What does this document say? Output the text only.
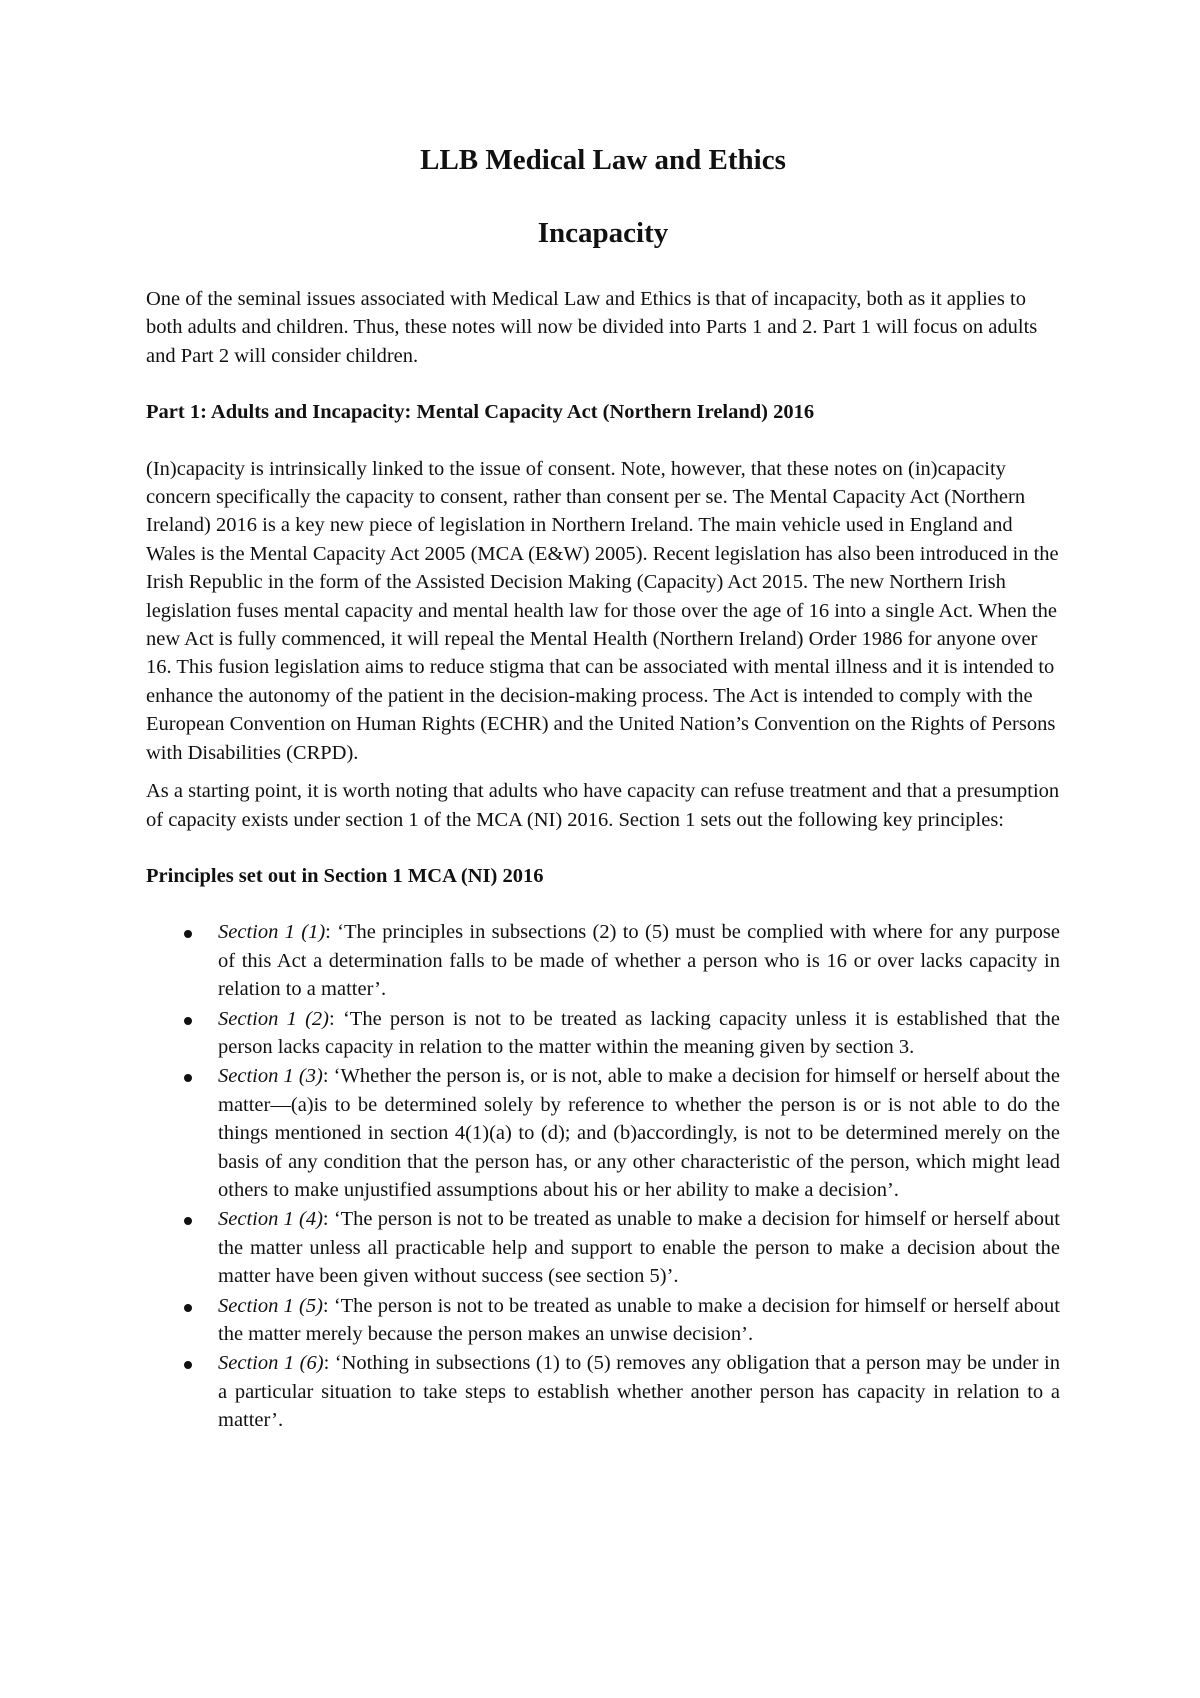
LLB Medical Law and Ethics
Incapacity

One of the seminal issues associated with Medical Law and Ethics is that of incapacity, both as it applies to both adults and children. Thus, these notes will now be divided into Parts 1 and 2. Part 1 will focus on adults and Part 2 will consider children.

Part 1: Adults and Incapacity: Mental Capacity Act (Northern Ireland) 2016

(In)capacity is intrinsically linked to the issue of consent. Note, however, that these notes on (in)capacity concern specifically the capacity to consent, rather than consent per se. The Mental Capacity Act (Northern Ireland) 2016 is a key new piece of legislation in Northern Ireland. The main vehicle used in England and Wales is the Mental Capacity Act 2005 (MCA (E&W) 2005). Recent legislation has also been introduced in the Irish Republic in the form of the Assisted Decision Making (Capacity) Act 2015. The new Northern Irish legislation fuses mental capacity and mental health law for those over the age of 16 into a single Act. When the new Act is fully commenced, it will repeal the Mental Health (Northern Ireland) Order 1986 for anyone over 16. This fusion legislation aims to reduce stigma that can be associated with mental illness and it is intended to enhance the autonomy of the patient in the decision-making process. The Act is intended to comply with the European Convention on Human Rights (ECHR) and the United Nation’s Convention on the Rights of Persons with Disabilities (CRPD).

As a starting point, it is worth noting that adults who have capacity can refuse treatment and that a presumption of capacity exists under section 1 of the MCA (NI) 2016. Section 1 sets out the following key principles:

Principles set out in Section 1 MCA (NI) 2016
Section 1 (1): ‘The principles in subsections (2) to (5) must be complied with where for any purpose of this Act a determination falls to be made of whether a person who is 16 or over lacks capacity in relation to a matter’.
Section 1 (2): ‘The person is not to be treated as lacking capacity unless it is established that the person lacks capacity in relation to the matter within the meaning given by section 3.
Section 1 (3): ‘Whether the person is, or is not, able to make a decision for himself or herself about the matter—(a)is to be determined solely by reference to whether the person is or is not able to do the things mentioned in section 4(1)(a) to (d); and (b)accordingly, is not to be determined merely on the basis of any condition that the person has, or any other characteristic of the person, which might lead others to make unjustified assumptions about his or her ability to make a decision’.
Section 1 (4): ‘The person is not to be treated as unable to make a decision for himself or herself about the matter unless all practicable help and support to enable the person to make a decision about the matter have been given without success (see section 5)’.
Section 1 (5): ‘The person is not to be treated as unable to make a decision for himself or herself about the matter merely because the person makes an unwise decision’.
Section 1 (6): ‘Nothing in subsections (1) to (5) removes any obligation that a person may be under in a particular situation to take steps to establish whether another person has capacity in relation to a matter’.
